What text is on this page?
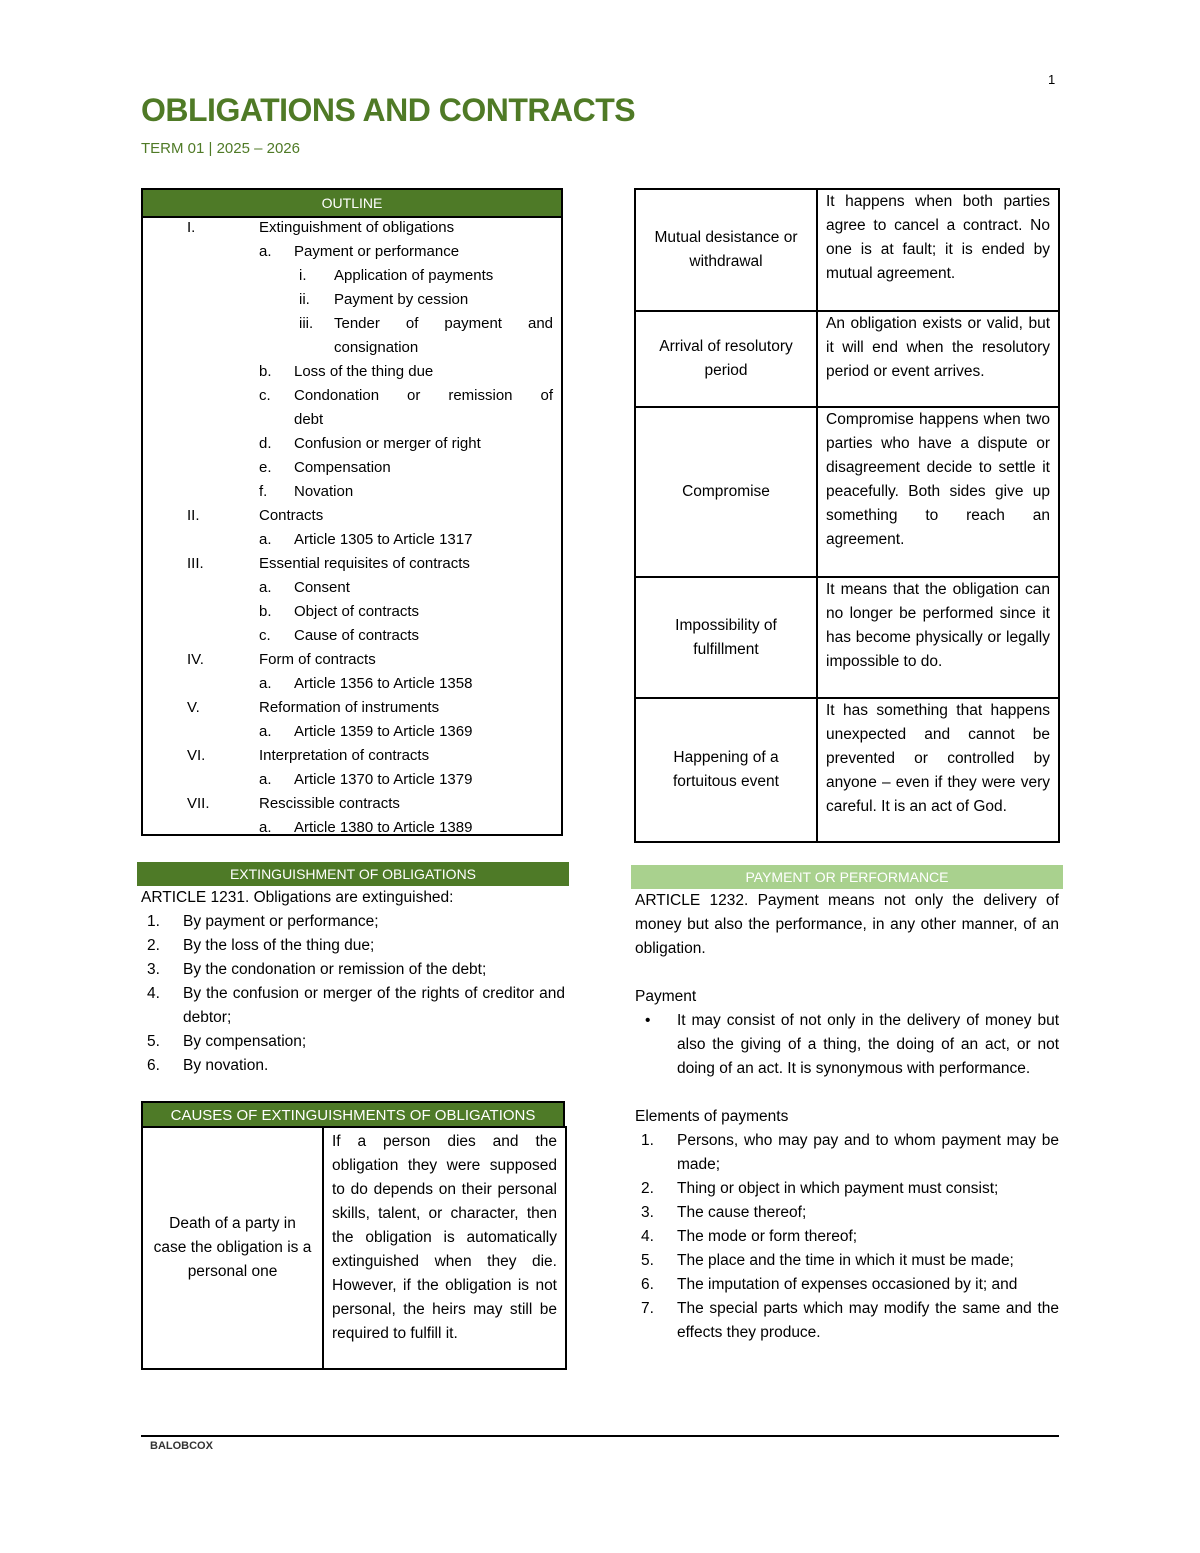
1
OBLIGATIONS AND CONTRACTS
TERM 01 | 2025 – 2026
OUTLINE
I.	Extinguishment of obligations
a. Payment or performance
i. Application of payments
ii. Payment by cession
iii. Tender of payment and
consignation
b. Loss of the thing due
c. Condonation or remission of
debt
d. Confusion or merger of right
e. Compensation
f. Novation
II.	Contracts
a. Article 1305 to Article 1317
III.	Essential requisites of contracts
a. Consent
b. Object of contracts
c. Cause of contracts
IV.	Form of contracts
a. Article 1356 to Article 1358
V.	Reformation of instruments
a. Article 1359 to Article 1369
VI.	Interpretation of contracts
a. Article 1370 to Article 1379
VII.	Rescissible contracts
a. Article 1380 to Article 1389
EXTINGUISHMENT OF OBLIGATIONS
ARTICLE 1231. Obligations are extinguished:
1. By payment or performance;
2. By the loss of the thing due;
3. By the condonation or remission of the debt;
4. By the confusion or merger of the rights of creditor and debtor;
5. By compensation;
6. By novation.
CAUSES OF EXTINGUISHMENTS OF OBLIGATIONS
Death of a party in case the obligation is a personal one	If a person dies and the obligation they were supposed to do depends on their personal skills, talent, or character, then the obligation is automatically extinguished when they die. However, if the obligation is not personal, the heirs may still be required to fulfill it.
Mutual desistance or withdrawal	It happens when both parties agree to cancel a contract. No one is at fault; it is ended by mutual agreement.
Arrival of resolutory period	An obligation exists or valid, but it will end when the resolutory period or event arrives.
Compromise	Compromise happens when two parties who have a dispute or disagreement decide to settle it peacefully. Both sides give up something to reach an agreement.
Impossibility of fulfillment	It means that the obligation can no longer be performed since it has become physically or legally impossible to do.
Happening of a fortuitous event	It has something that happens unexpected and cannot be prevented or controlled by anyone – even if they were very careful. It is an act of God.
PAYMENT OR PERFORMANCE
ARTICLE 1232. Payment means not only the delivery of money but also the performance, in any other manner, of an obligation.
Payment
• It may consist of not only in the delivery of money but also the giving of a thing, the doing of an act, or not doing of an act. It is synonymous with performance.
Elements of payments
1. Persons, who may pay and to whom payment may be made;
2. Thing or object in which payment must consist;
3. The cause thereof;
4. The mode or form thereof;
5. The place and the time in which it must be made;
6. The imputation of expenses occasioned by it; and
7. The special parts which may modify the same and the effects they produce.
BALOBCOX
